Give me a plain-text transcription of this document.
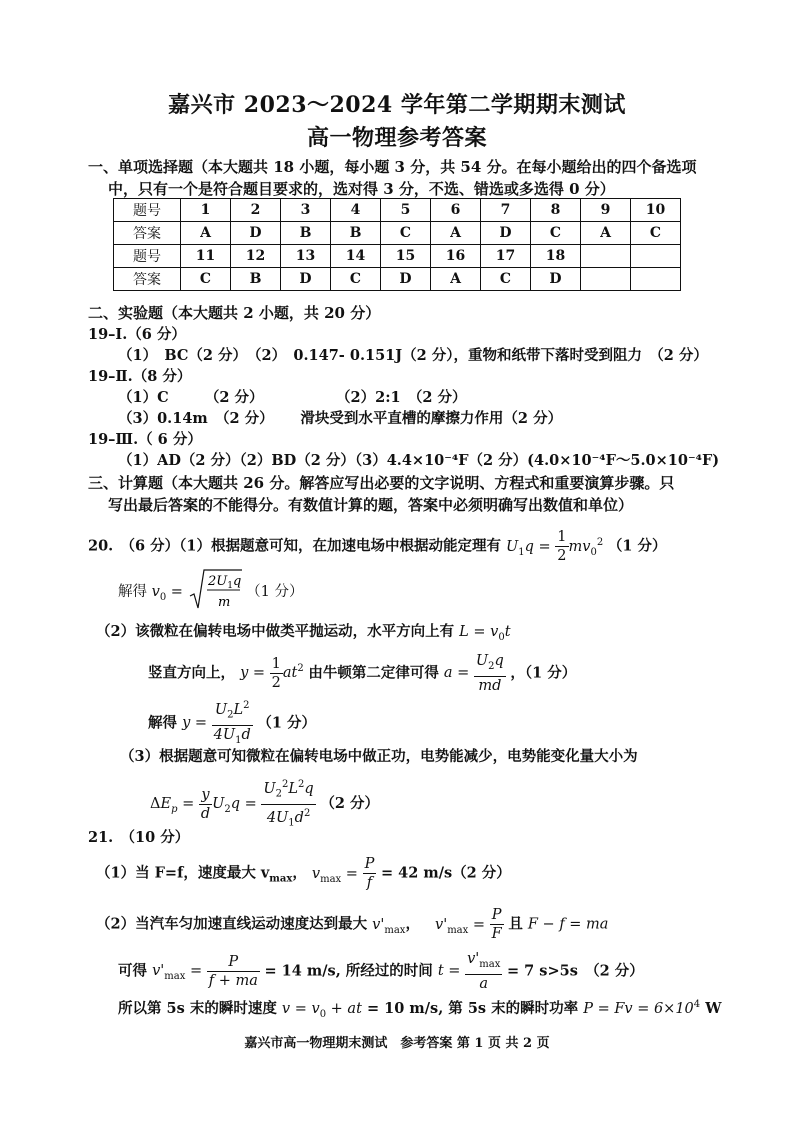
嘉兴市 2023～2024 学年第二学期期末测试
高一物理参考答案
一、单项选择题（本大题共 18 小题，每小题 3 分，共 54 分。在每小题给出的四个备选项
中，只有一个是符合题目要求的，选对得 3 分，不选、错选或多选得 0 分）
题号	1	2	3	4	5	6	7	8	9	10
答案	A	D	B	B	C	A	D	C	A	C
题号	11	12	13	14	15	16	17	18		
答案	C	B	D	C	D	A	C	D		
二、实验题（本大题共 2 小题，共 20 分）
19–Ⅰ.（6 分）
（1）　BC（2 分）　（2）　0.147- 0.151J（2 分），重物和纸带下落时受到阻力　（2 分）
19–Ⅱ.（8 分）
（1）C　　　（2 分）　　　　　　（2）2:1　（2 分）
（3）0.14m　（2 分）　　 滑块受到水平直槽的摩擦力作用（2 分）
19–Ⅲ.（ 6 分）
（1）AD（2 分）（2）BD（2 分）（3）4.4×10⁻⁴F（2 分）(4.0×10⁻⁴F～5.0×10⁻⁴F)
三、计算题（本大题共 26 分。解答应写出必要的文字说明、方程式和重要演算步骤。只
写出最后答案的不能得分。有数值计算的题，答案中必须明确写出数值和单位）
20.　（6 分）（1）根据题意可知，在加速电场中根据动能定理有 $U_1q = \frac{1}{2} mv_0^2$ （1 分）
解得 $v_0$ =
$2U_1q$
m
（1 分）
（2）该微粒在偏转电场中做类平抛运动，水平方向上有 $L = v_0t$
竖直方向上， $y = \frac{1}{2} at^2$ 由牛顿第二定律可得 $a = \frac{U_2q}{md}$ ，（1 分）
解得 $y = \frac{U_2L^2}{4U_1d} (1$ 分）
（3）根据题意可知微粒在偏转电场中做正功，电势能减少，电势能变化量大小为
$\Delta E_p = \frac{y}{d} U_2q = \frac{U_2^2L^2q}{4U_1d^2} (2$ 分）
21.　（10 分）
（1）当 F=f，速度最大 $v_{max}$， $v_{max} = \frac{P}{f} = 42$ m/s（2 分）
（2）当汽车匀加速直线运动速度达到最大 $v'_{max}$， $v'_{max} = \frac{P}{F}$ 且 F − f = ma
可得 $v'_{max} = \frac{P}{f + ma} = 14$ m/s, 所经过的时间 $t = \frac{v'_{max}}{a} = 7$ s>5s　（2 分）
所以第 5s 末的瞬时速度 $v = v_0$ + at = 10 m/s, 第 5s 末的瞬时功率 $P = Fv = 6\times 10^4$ W
嘉兴市高一物理期末测试　参考答案 第 1 页 共 2 页
